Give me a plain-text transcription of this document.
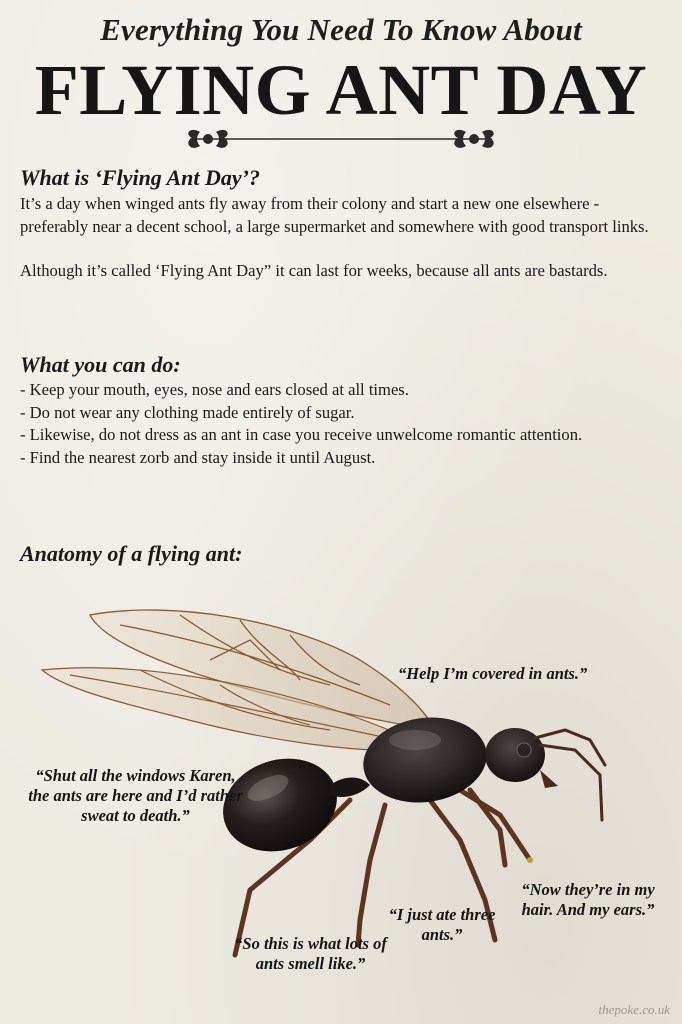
Everything You Need To Know About
FLYING ANT DAY
What is ‘Flying Ant Day’?

It’s a day when winged ants fly away from their colony and start a new one elsewhere - preferably near a decent school, a large supermarket and somewhere with good transport links.

Although it’s called ‘Flying Ant Day” it can last for weeks, because all ants are bastards.

What you can do:
- Keep your mouth, eyes, nose and ears closed at all times.
- Do not wear any clothing made entirely of sugar.
- Likewise, do not dress as an ant in case you receive unwelcome romantic attention.
- Find the nearest zorb and stay inside it until August.
Anatomy of a flying ant:
“Help I’m covered in ants.”
“Shut all the windows Karen, the ants are here and I’d rather sweat to death.”
“Now they’re in my hair. And my ears.”
“I just ate three ants.”
“So this is what lots of ants smell like.”
thepoke.co.uk
